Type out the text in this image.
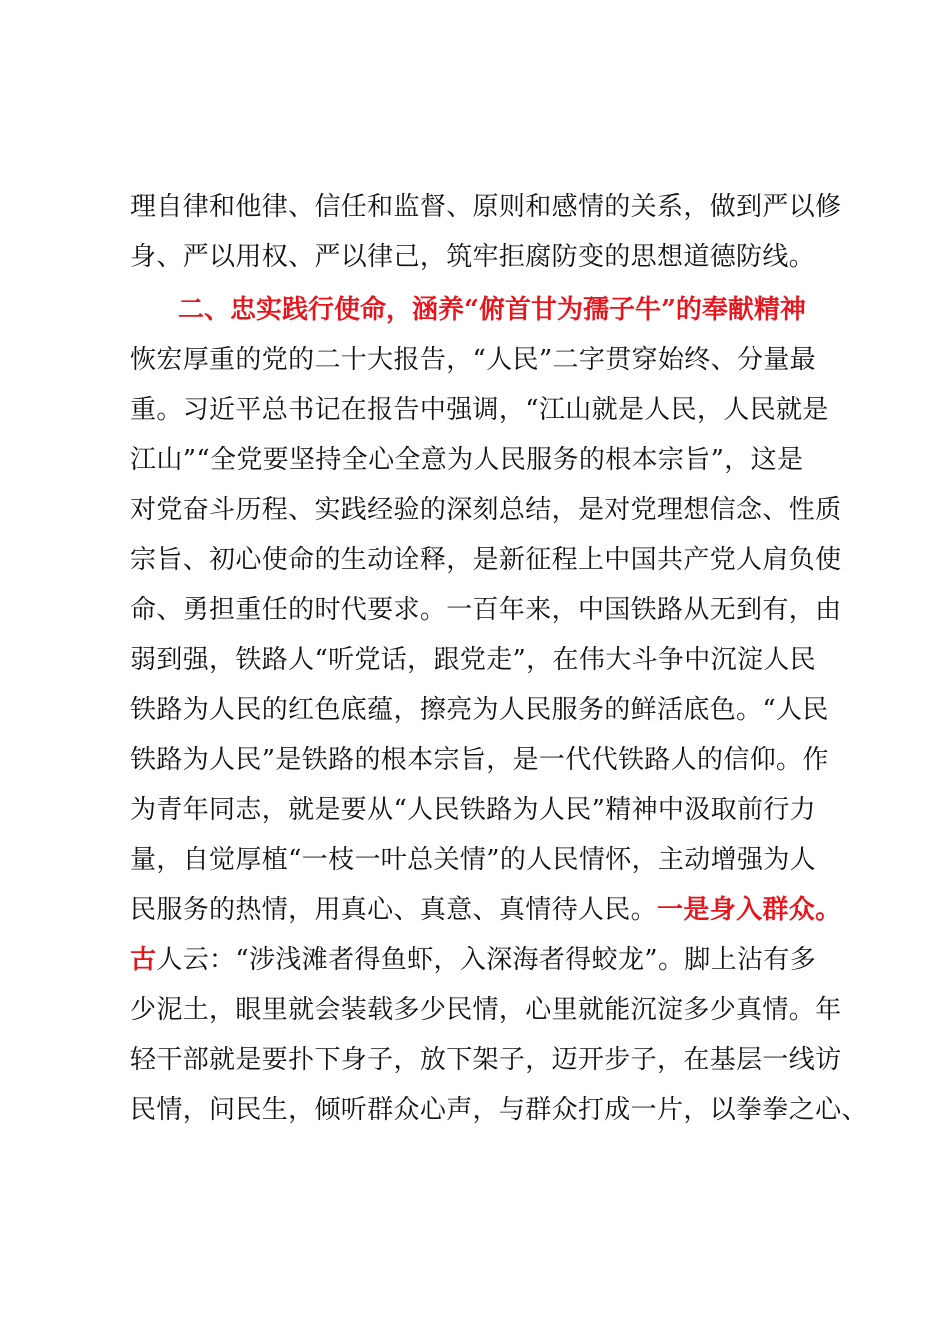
理自律和他律、信任和监督、原则和感情的关系，做到严以修
身、严以用权、严以律己，筑牢拒腐防变的思想道德防线。
二、忠实践行使命，涵养“俯首甘为孺子牛”的奉献精神
恢宏厚重的党的二十大报告，“人民”二字贯穿始终、分量最
重。习近平总书记在报告中强调，“江山就是人民，人民就是
江山”“全党要坚持全心全意为人民服务的根本宗旨”，这是
对党奋斗历程、实践经验的深刻总结，是对党理想信念、性质
宗旨、初心使命的生动诠释，是新征程上中国共产党人肩负使
命、勇担重任的时代要求。一百年来，中国铁路从无到有，由
弱到强，铁路人“听党话，跟党走”，在伟大斗争中沉淀人民
铁路为人民的红色底蕴，擦亮为人民服务的鲜活底色。“人民
铁路为人民”是铁路的根本宗旨，是一代代铁路人的信仰。作
为青年同志，就是要从“人民铁路为人民”精神中汲取前行力
量，自觉厚植“一枝一叶总关情”的人民情怀，主动增强为人
民服务的热情，用真心、真意、真情待人民。一是身入群众。
古人云：“涉浅滩者得鱼虾，入深海者得蛟龙”。脚上沾有多
少泥土，眼里就会装载多少民情，心里就能沉淀多少真情。年
轻干部就是要扑下身子，放下架子，迈开步子，在基层一线访
民情，问民生，倾听群众心声，与群众打成一片，以拳拳之心、
